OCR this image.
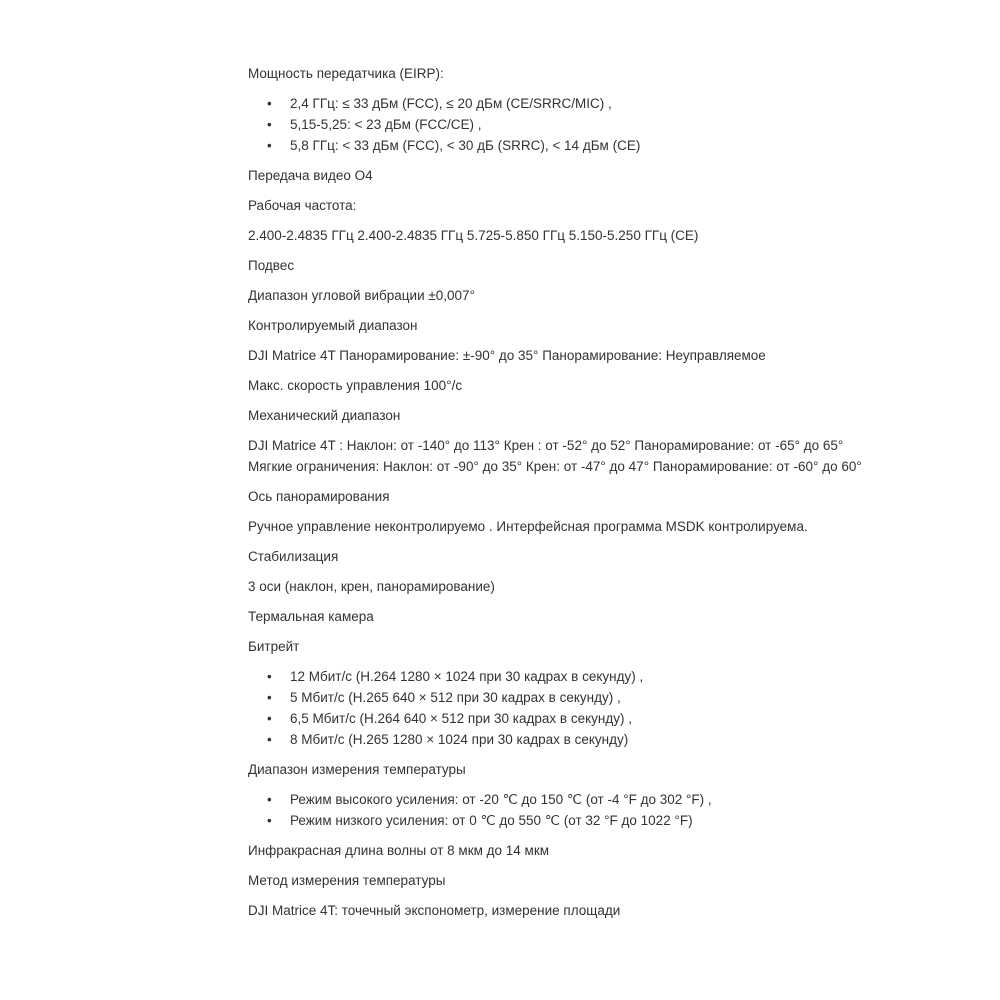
Мощность передатчика (EIRP):

• 2,4 ГГц: ≤ 33 дБм (FCC), ≤ 20 дБм (CE/SRRC/MIC) ,
• 5,15-5,25: < 23 дБм (FCC/CE) ,
• 5,8 ГГц: < 33 дБм (FCC), < 30 дБ (SRRC), < 14 дБм (CE)

Передача видео O4

Рабочая частота:

2.400-2.4835 ГГц 2.400-2.4835 ГГц 5.725-5.850 ГГц 5.150-5.250 ГГц (CE)

Подвес

Диапазон угловой вибрации ±0,007°

Контролируемый диапазон

DJI Matrice 4T Панорамирование: ±-90° до 35° Панорамирование: Неуправляемое

Макс. скорость управления 100°/с

Механический диапазон

DJI Matrice 4T : Наклон: от -140° до 113° Крен : от -52° до 52° Панорамирование: от -65° до 65°
Мягкие ограничения: Наклон: от -90° до 35° Крен: от -47° до 47° Панорамирование: от -60° до 60°

Ось панорамирования

Ручное управление неконтролируемо . Интерфейсная программа MSDK контролируема.

Стабилизация

3 оси (наклон, крен, панорамирование)

Термальная камера

Битрейт

• 12 Мбит/с (H.264 1280 × 1024 при 30 кадрах в секунду) ,
• 5 Мбит/с (H.265 640 × 512 при 30 кадрах в секунду) ,
• 6,5 Мбит/с (H.264 640 × 512 при 30 кадрах в секунду) ,
• 8 Мбит/с (H.265 1280 × 1024 при 30 кадрах в секунду)

Диапазон измерения температуры

• Режим высокого усиления: от -20 ℃ до 150 ℃ (от -4 °F до 302 °F) ,
• Режим низкого усиления: от 0 ℃ до 550 ℃ (от 32 °F до 1022 °F)

Инфракрасная длина волны от 8 мкм до 14 мкм

Метод измерения температуры

DJI Matrice 4T: точечный экспонометр, измерение площади
